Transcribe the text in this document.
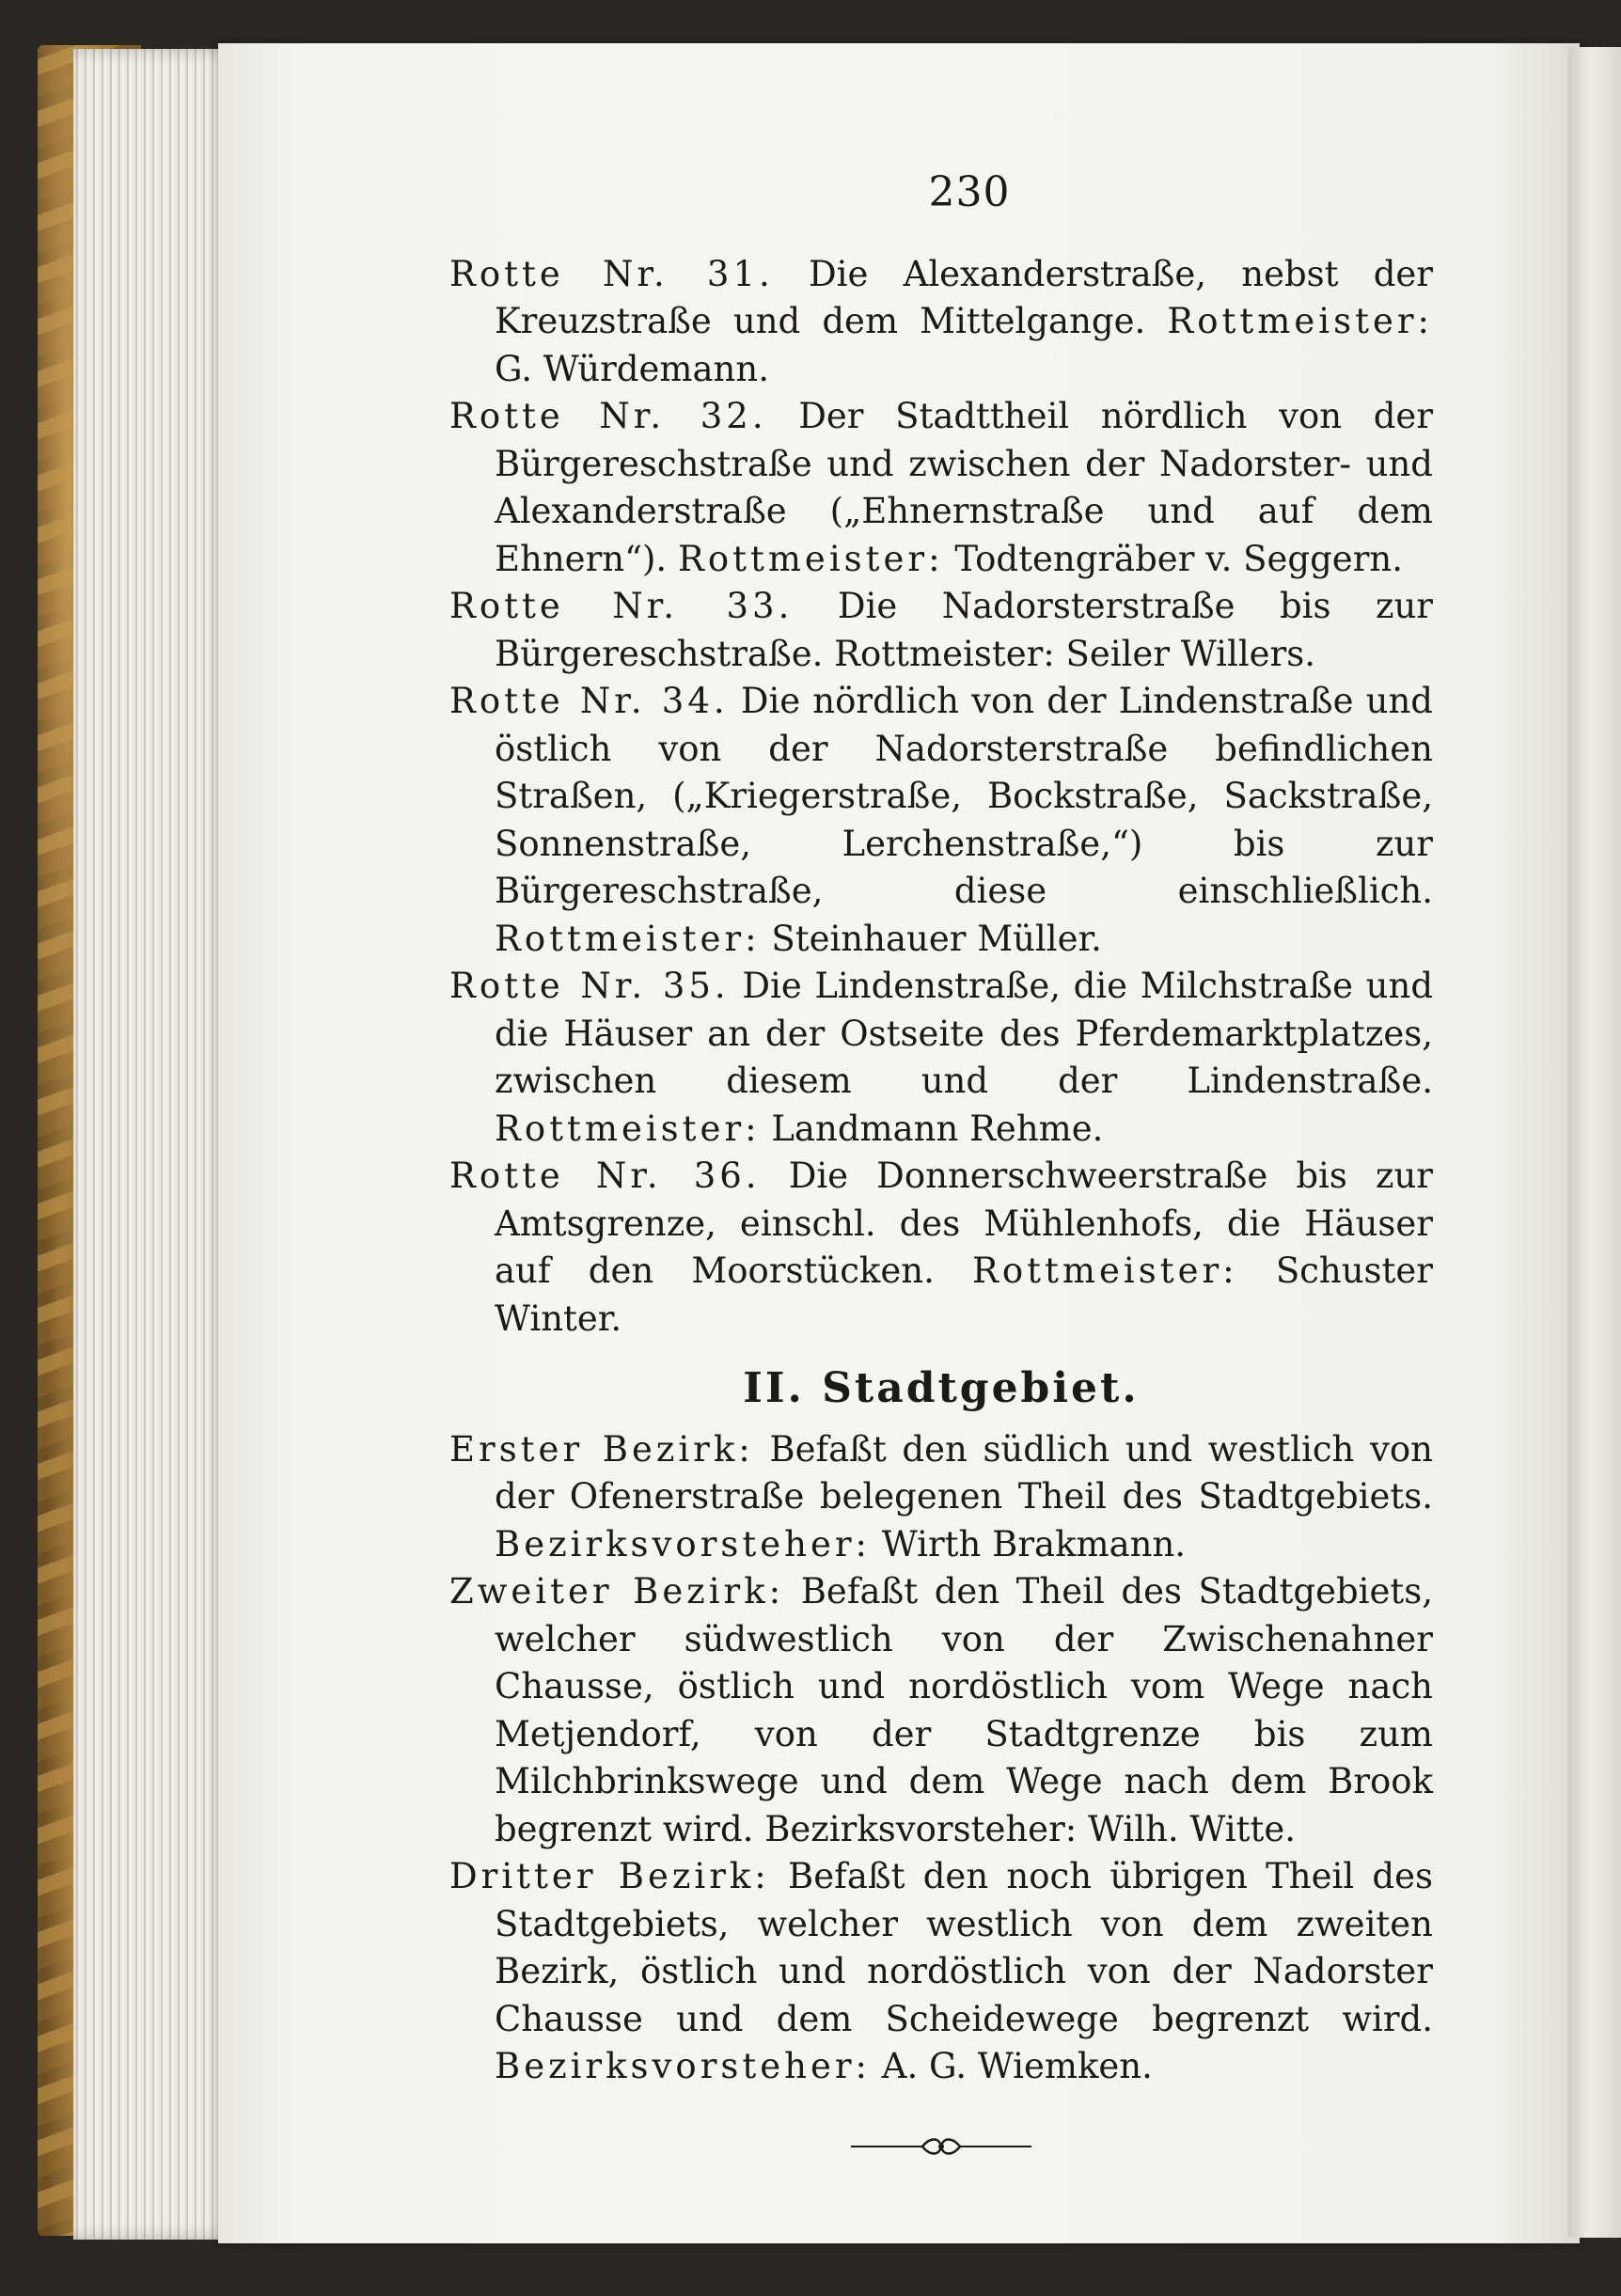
230

Rotte Nr. 31. Die Alexanderstraße, nebst der Kreuzstraße und dem Mittelgange. Rottmeister: G. Würdemann.

Rotte Nr. 32. Der Stadttheil nördlich von der Bürgereschstraße und zwischen der Nadorster- und Alexanderstraße („Ehnernstraße und auf dem Ehnern“). Rottmeister: Todtengräber v. Seggern.

Rotte Nr. 33. Die Nadorsterstraße bis zur Bürgereschstraße. Rottmeister: Seiler Willers.

Rotte Nr. 34. Die nördlich von der Lindenstraße und östlich von der Nadorsterstraße befindlichen Straßen, („Kriegerstraße, Bockstraße, Sackstraße, Sonnenstraße, Lerchenstraße,“) bis zur Bürgereschstraße, diese einschließlich. Rottmeister: Steinhauer Müller.

Rotte Nr. 35. Die Lindenstraße, die Milchstraße und die Häuser an der Ostseite des Pferdemarktplatzes, zwischen diesem und der Lindenstraße. Rottmeister: Landmann Rehme.

Rotte Nr. 36. Die Donnerschweerstraße bis zur Amtsgrenze, einschl. des Mühlenhofs, die Häuser auf den Moorstücken. Rottmeister: Schuster Winter.

II. Stadtgebiet.

Erster Bezirk: Befaßt den südlich und westlich von der Ofenerstraße belegenen Theil des Stadtgebiets. Bezirksvorsteher: Wirth Brakmann.

Zweiter Bezirk: Befaßt den Theil des Stadtgebiets, welcher südwestlich von der Zwischenahner Chausse, östlich und nordöstlich vom Wege nach Metjendorf, von der Stadtgrenze bis zum Milchbrinkswege und dem Wege nach dem Brook begrenzt wird. Bezirksvorsteher: Wilh. Witte.

Dritter Bezirk: Befaßt den noch übrigen Theil des Stadtgebiets, welcher westlich von dem zweiten Bezirk, östlich und nordöstlich von der Nadorster Chausse und dem Scheidewege begrenzt wird. Bezirksvorsteher: A. G. Wiemken.
